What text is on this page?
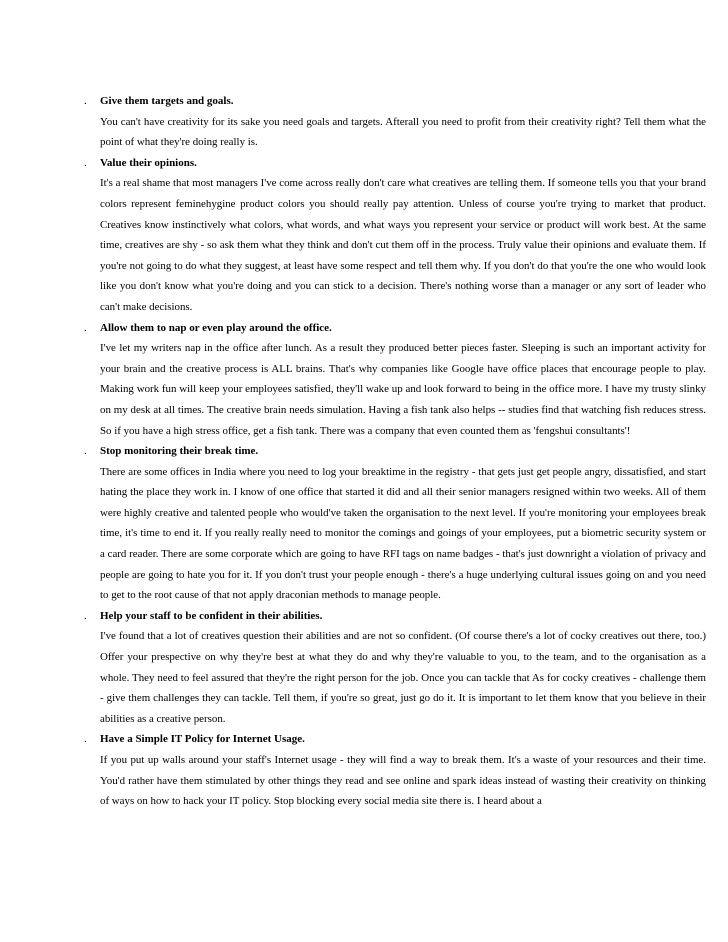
. Give them targets and goals.
You can't have creativity for its sake you need goals and targets. Afterall you need to profit from their creativity right? Tell them what the point of what they're doing really is.
. Value their opinions.
It's a real shame that most managers I've come across really don't care what creatives are telling them. If someone tells you that your brand colors represent feminehygine product colors you should really pay attention. Unless of course you're trying to market that product. Creatives know instinctively what colors, what words, and what ways you represent your service or product will work best. At the same time, creatives are shy - so ask them what they think and don't cut them off in the process. Truly value their opinions and evaluate them. If you're not going to do what they suggest, at least have some respect and tell them why. If you don't do that you're the one who would look like you don't know what you're doing and you can stick to a decision. There's nothing worse than a manager or any sort of leader who can't make decisions.
. Allow them to nap or even play around the office.
I've let my writers nap in the office after lunch. As a result they produced better pieces faster. Sleeping is such an important activity for your brain and the creative process is ALL brains. That's why companies like Google have office places that encourage people to play. Making work fun will keep your employees satisfied, they'll wake up and look forward to being in the office more. I have my trusty slinky on my desk at all times. The creative brain needs simulation. Having a fish tank also helps -- studies find that watching fish reduces stress. So if you have a high stress office, get a fish tank. There was a company that even counted them as 'fengshui consultants'!
. Stop monitoring their break time.
There are some offices in India where you need to log your breaktime in the registry - that gets just get people angry, dissatisfied, and start hating the place they work in. I know of one office that started it did and all their senior managers resigned within two weeks. All of them were highly creative and talented people who would've taken the organisation to the next level. If you're monitoring your employees break time, it's time to end it. If you really really need to monitor the comings and goings of your employees, put a biometric security system or a card reader. There are some corporate which are going to have RFI tags on name badges - that's just downright a violation of privacy and people are going to hate you for it. If you don't trust your people enough - there's a huge underlying cultural issues going on and you need to get to the root cause of that not apply draconian methods to manage people.
. Help your staff to be confident in their abilities.
I've found that a lot of creatives question their abilities and are not so confident. (Of course there's a lot of cocky creatives out there, too.) Offer your prespective on why they're best at what they do and why they're valuable to you, to the team, and to the organisation as a whole. They need to feel assured that they're the right person for the job. Once you can tackle that As for cocky creatives - challenge them - give them challenges they can tackle. Tell them, if you're so great, just go do it. It is important to let them know that you believe in their abilities as a creative person.
. Have a Simple IT Policy for Internet Usage.
If you put up walls around your staff's Internet usage - they will find a way to break them. It's a waste of your resources and their time. You'd rather have them stimulated by other things they read and see online and spark ideas instead of wasting their creativity on thinking of ways on how to hack your IT policy. Stop blocking every social media site there is. I heard about a
